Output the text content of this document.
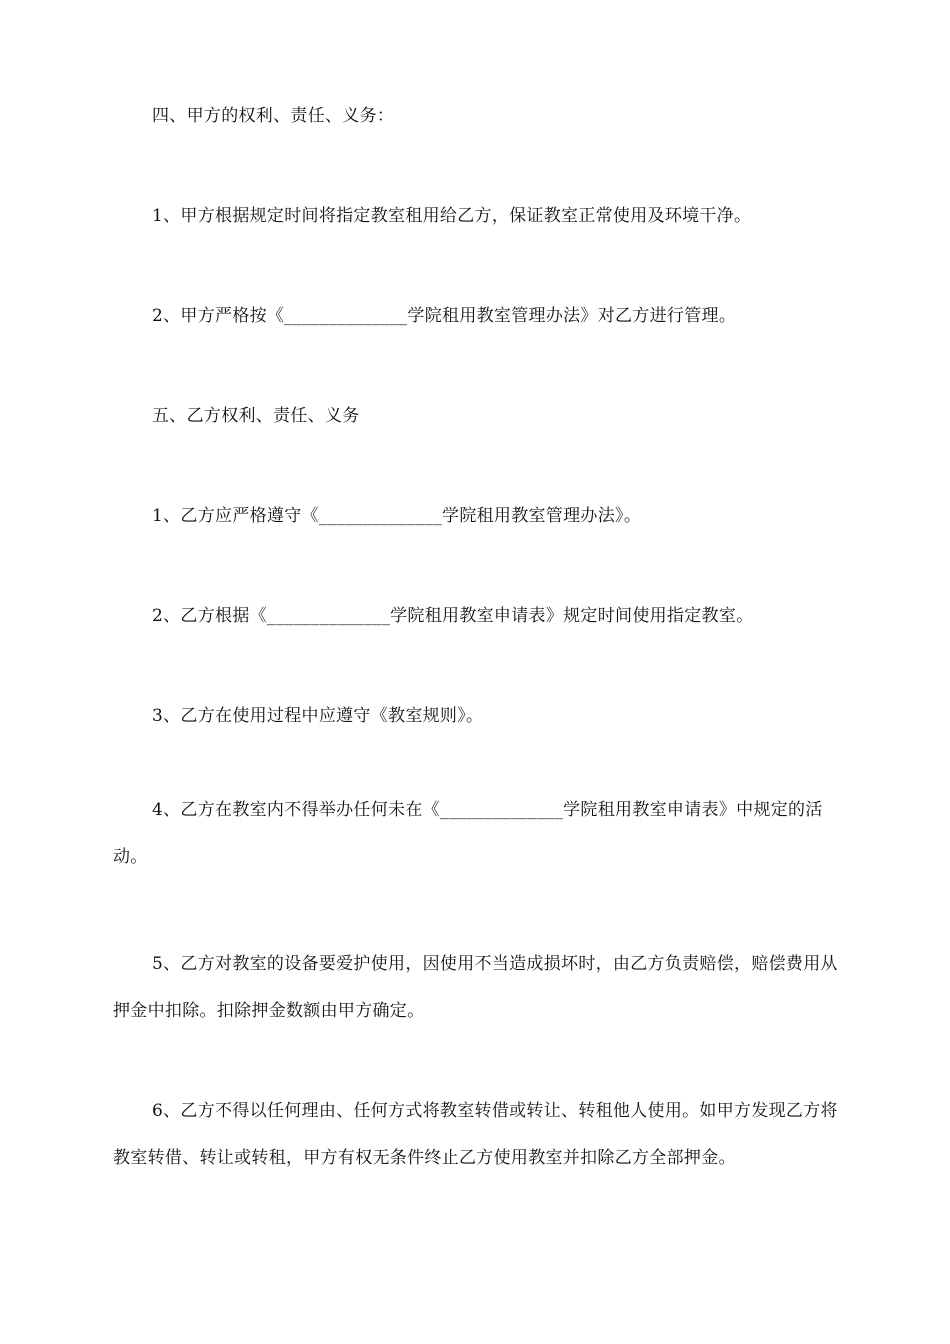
四、甲方的权利、责任、义务：

1、甲方根据规定时间将指定教室租用给乙方，保证教室正常使用及环境干净。

2、甲方严格按《______________学院租用教室管理办法》对乙方进行管理。

五、乙方权利、责任、义务

1、乙方应严格遵守《______________学院租用教室管理办法》。

2、乙方根据《______________学院租用教室申请表》规定时间使用指定教室。

3、乙方在使用过程中应遵守《教室规则》。

4、乙方在教室内不得举办任何未在《______________学院租用教室申请表》中规定的活动。

5、乙方对教室的设备要爱护使用，因使用不当造成损坏时，由乙方负责赔偿，赔偿费用从押金中扣除。扣除押金数额由甲方确定。

6、乙方不得以任何理由、任何方式将教室转借或转让、转租他人使用。如甲方发现乙方将教室转借、转让或转租，甲方有权无条件终止乙方使用教室并扣除乙方全部押金。
